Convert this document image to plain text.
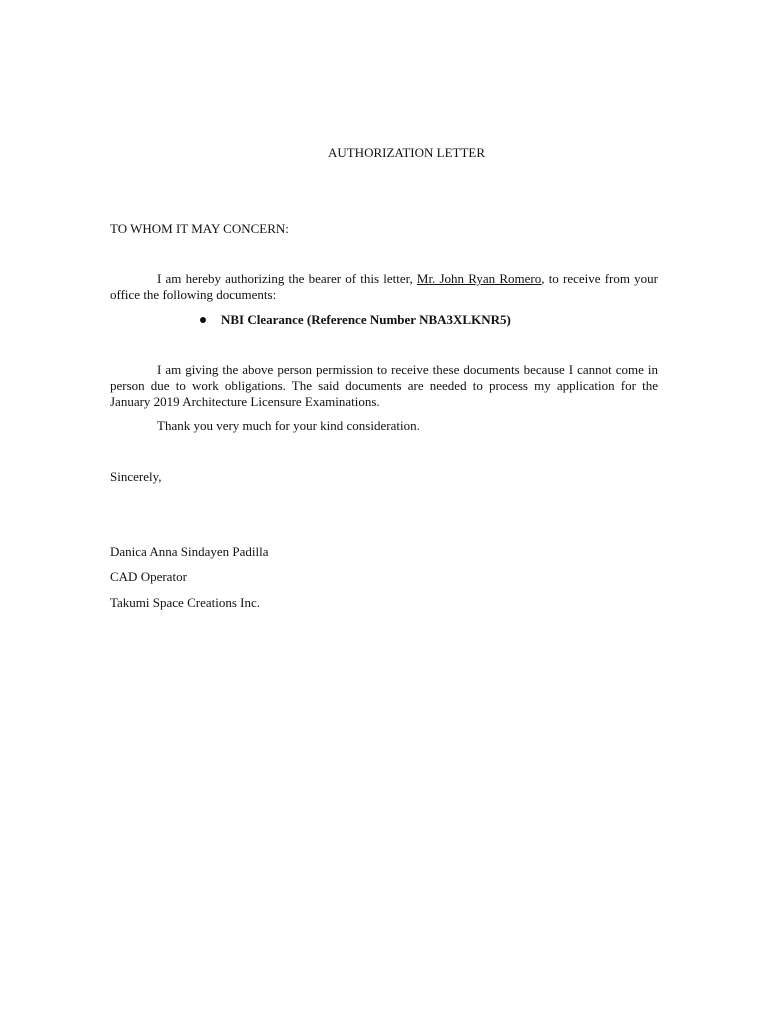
AUTHORIZATION LETTER
TO WHOM IT MAY CONCERN:

I am hereby authorizing the bearer of this letter, Mr. John Ryan Romero, to receive from your office the following documents:

NBI Clearance (Reference Number NBA3XLKNR5)

I am giving the above person permission to receive these documents because I cannot come in person due to work obligations. The said documents are needed to process my application for the January 2019 Architecture Licensure Examinations.

Thank you very much for your kind consideration.

Sincerely,
Danica Anna Sindayen Padilla
CAD Operator
Takumi Space Creations Inc.
